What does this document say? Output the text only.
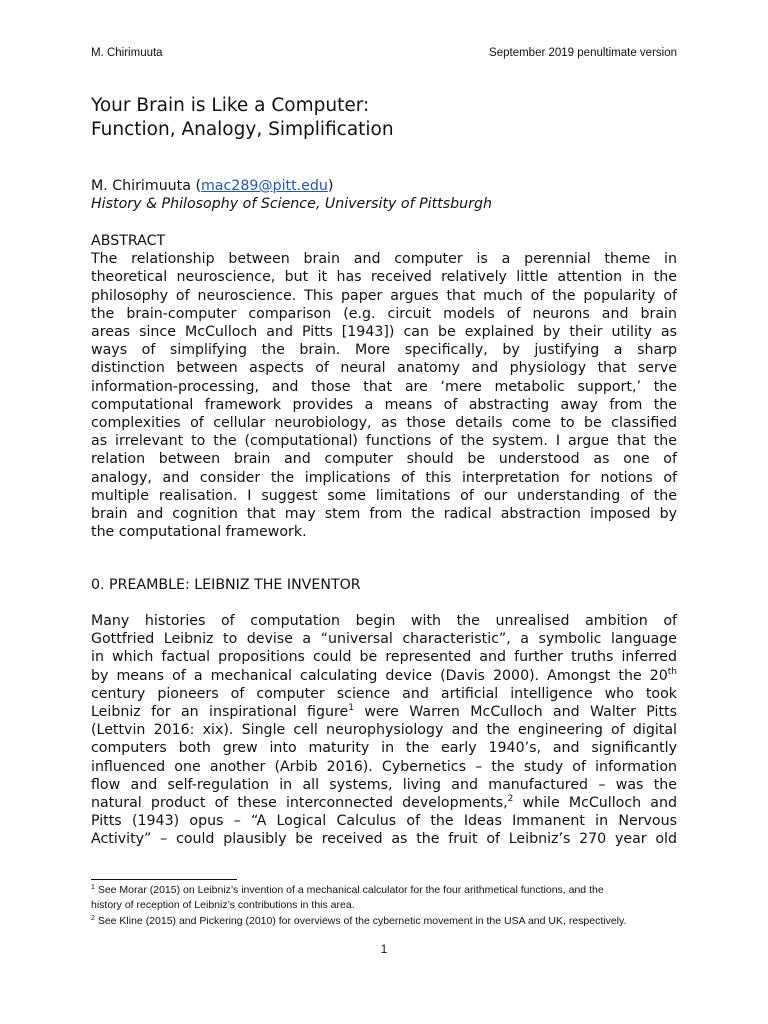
M. Chirimuuta	September 2019 penultimate version
Your Brain is Like a Computer:
Function, Analogy, Simplification
M. Chirimuuta (mac289@pitt.edu)
History & Philosophy of Science, University of Pittsburgh
ABSTRACT
The relationship between brain and computer is a perennial theme in
theoretical neuroscience, but it has received relatively little attention in the
philosophy of neuroscience. This paper argues that much of the popularity of
the brain-computer comparison (e.g. circuit models of neurons and brain
areas since McCulloch and Pitts [1943]) can be explained by their utility as
ways of simplifying the brain. More specifically, by justifying a sharp
distinction between aspects of neural anatomy and physiology that serve
information-processing, and those that are ‘mere metabolic support,’ the
computational framework provides a means of abstracting away from the
complexities of cellular neurobiology, as those details come to be classified
as irrelevant to the (computational) functions of the system. I argue that the
relation between brain and computer should be understood as one of
analogy, and consider the implications of this interpretation for notions of
multiple realisation. I suggest some limitations of our understanding of the
brain and cognition that may stem from the radical abstraction imposed by
the computational framework.
0. PREAMBLE: LEIBNIZ THE INVENTOR
Many histories of computation begin with the unrealised ambition of
Gottfried Leibniz to devise a “universal characteristic”, a symbolic language
in which factual propositions could be represented and further truths inferred
by means of a mechanical calculating device (Davis 2000). Amongst the 20th
century pioneers of computer science and artificial intelligence who took
Leibniz for an inspirational figure$^1$ were Warren McCulloch and Walter Pitts
(Lettvin 2016: xix). Single cell neurophysiology and the engineering of digital
computers both grew into maturity in the early 1940’s, and significantly
influenced one another (Arbib 2016). Cybernetics – the study of information
flow and self-regulation in all systems, living and manufactured – was the
natural product of these interconnected developments,$^2$ while McCulloch and
Pitts (1943) opus – “A Logical Calculus of the Ideas Immanent in Nervous
Activity” – could plausibly be received as the fruit of Leibniz’s 270 year old
$^1$ See Morar (2015) on Leibniz’s invention of a mechanical calculator for the four arithmetical functions, and the
history of reception of Leibniz’s contributions in this area.
$^2$ See Kline (2015) and Pickering (2010) for overviews of the cybernetic movement in the USA and UK, respectively.
1
